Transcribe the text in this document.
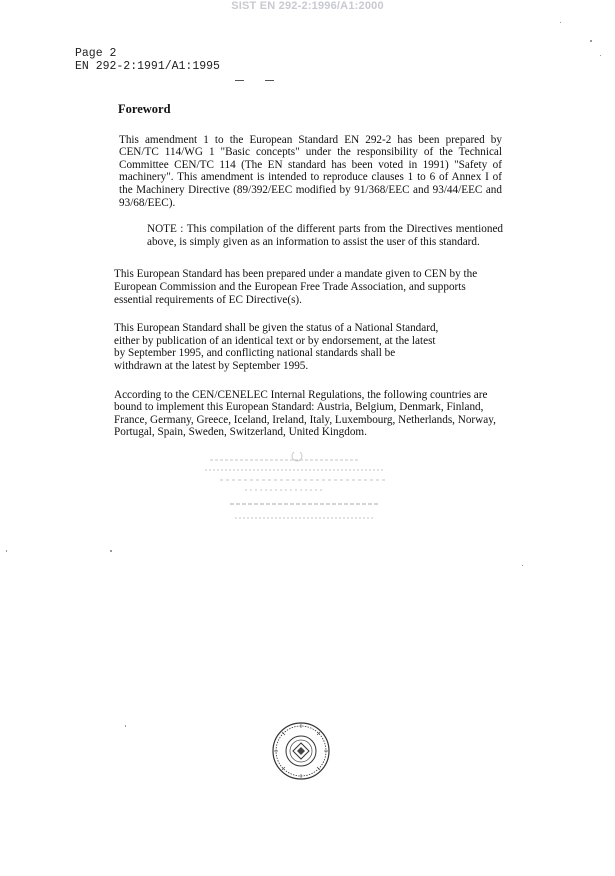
SIST EN 292-2:1996/A1:2000
Page 2
EN 292-2:1991/A1:1995
Foreword
This amendment 1 to the European Standard EN 292-2 has been prepared by CEN/TC 114/WG 1 "Basic concepts" under the responsibility of the Technical Committee CEN/TC 114 (The EN standard has been voted in 1991) "Safety of machinery". This amendment is intended to reproduce clauses 1 to 6 of Annex I of the Machinery Directive (89/392/EEC modified by 91/368/EEC and 93/44/EEC and 93/68/EEC).
NOTE : This compilation of the different parts from the Directives mentioned above, is simply given as an information to assist the user of this standard.
This European Standard has been prepared under a mandate given to CEN by the European Commission and the European Free Trade Association, and supports essential requirements of EC Directive(s).
This European Standard shall be given the status of a National Standard, either by publication of an identical text or by endorsement, at the latest by September 1995, and conflicting national standards shall be withdrawn at the latest by September 1995.
According to the CEN/CENELEC Internal Regulations, the following countries are bound to implement this European Standard: Austria, Belgium, Denmark, Finland, France, Germany, Greece, Iceland, Ireland, Italy, Luxembourg, Netherlands, Norway, Portugal, Spain, Sweden, Switzerland, United Kingdom.
